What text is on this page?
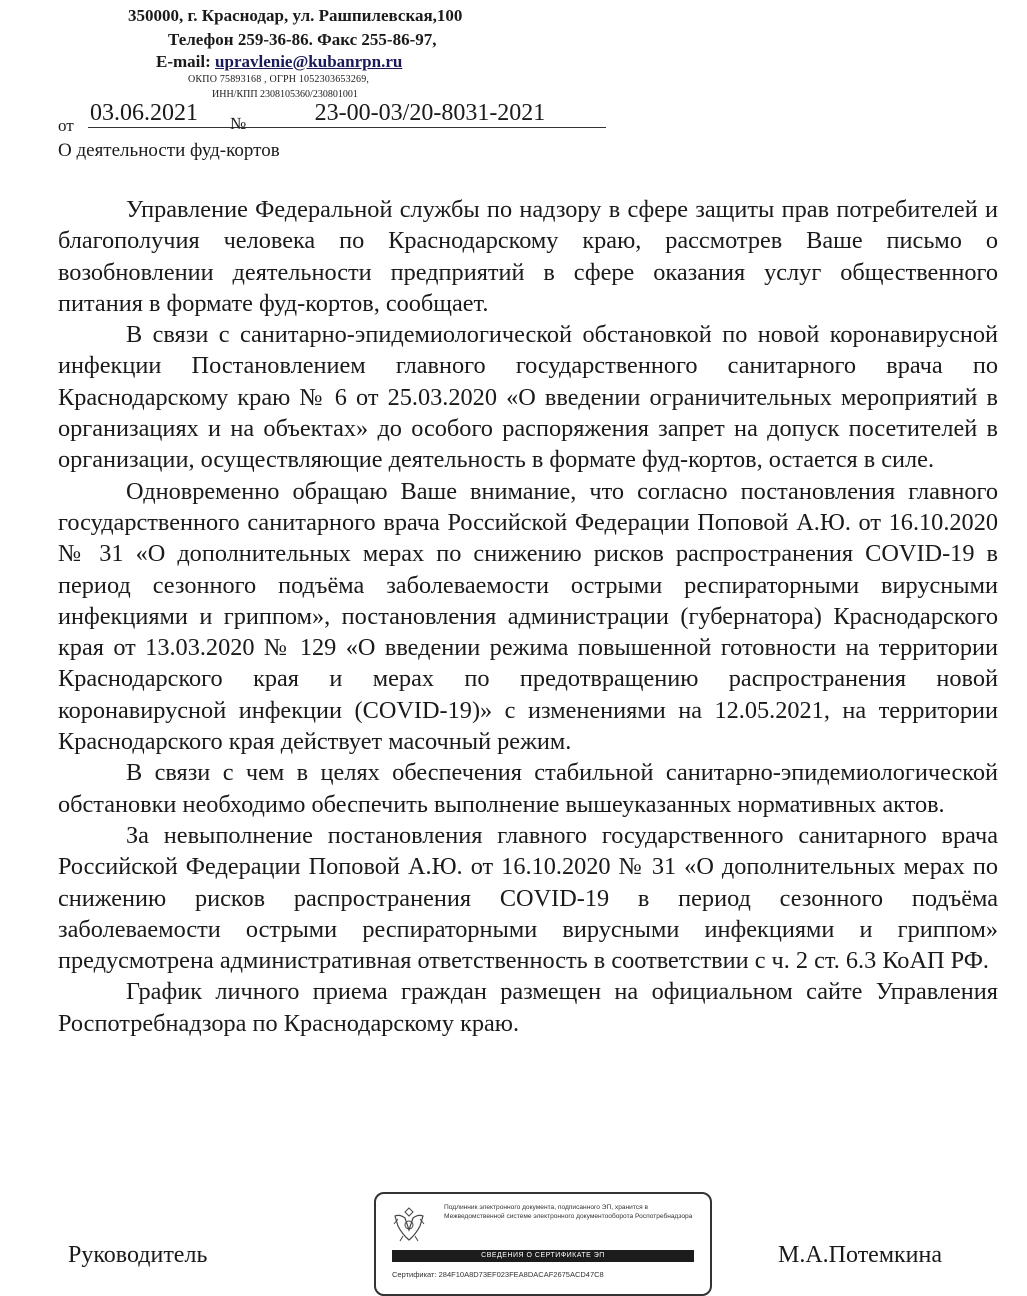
350000, г. Краснодар, ул. Рашпилевская,100
Телефон 259-36-86. Факс 255-86-97,
E-mail: upravlenie@kubanrpn.ru
ОКПО 75893168 , ОГРН 1052303653269,
ИНН/КПП 2308105360/230801001
от 03.06.2021	№	23-00-03/20-8031-2021
О деятельности фуд-кортов

Управление Федеральной службы по надзору в сфере защиты прав потребителей и благополучия человека по Краснодарскому краю, рассмотрев Ваше письмо о возобновлении деятельности предприятий в сфере оказания услуг общественного питания в формате фуд-кортов, сообщает.

В связи с санитарно-эпидемиологической обстановкой по новой коронавирусной инфекции Постановлением главного государственного санитарного врача по Краснодарскому краю № 6 от 25.03.2020 «О введении ограничительных мероприятий в организациях и на объектах» до особого распоряжения запрет на допуск посетителей в организации, осуществляющие деятельность в формате фуд-кортов, остается в силе.

Одновременно обращаю Ваше внимание, что согласно постановления главного государственного санитарного врача Российской Федерации Поповой А.Ю. от 16.10.2020 № 31 «О дополнительных мерах по снижению рисков распространения COVID-19 в период сезонного подъёма заболеваемости острыми респираторными вирусными инфекциями и гриппом», постановления администрации (губернатора) Краснодарского края от 13.03.2020 № 129 «О введении режима повышенной готовности на территории Краснодарского края и мерах по предотвращению распространения новой коронавирусной инфекции (COVID-19)» с изменениями на 12.05.2021, на территории Краснодарского края действует масочный режим.

В связи с чем в целях обеспечения стабильной санитарно-эпидемиологической обстановки необходимо обеспечить выполнение вышеуказанных нормативных актов.

За невыполнение постановления главного государственного санитарного врача Российской Федерации Поповой А.Ю. от 16.10.2020 № 31 «О дополнительных мерах по снижению рисков распространения COVID-19 в период сезонного подъёма заболеваемости острыми респираторными вирусными инфекциями и гриппом» предусмотрена административная ответственность в соответствии с ч. 2 ст. 6.3 КоАП РФ.

График личного приема граждан размещен на официальном сайте Управления Роспотребнадзора по Краснодарскому краю.

Руководитель
Подлинник электронного документа, подписанного ЭП, хранится в Межведомственной системе электронного документооборота Роспотребнадзора
СВЕДЕНИЯ О СЕРТИФИКАТЕ ЭП
Сертификат: 284F10A8D73EF023FEA8DACAF2675ACD47C8
М.А.Потемкина
